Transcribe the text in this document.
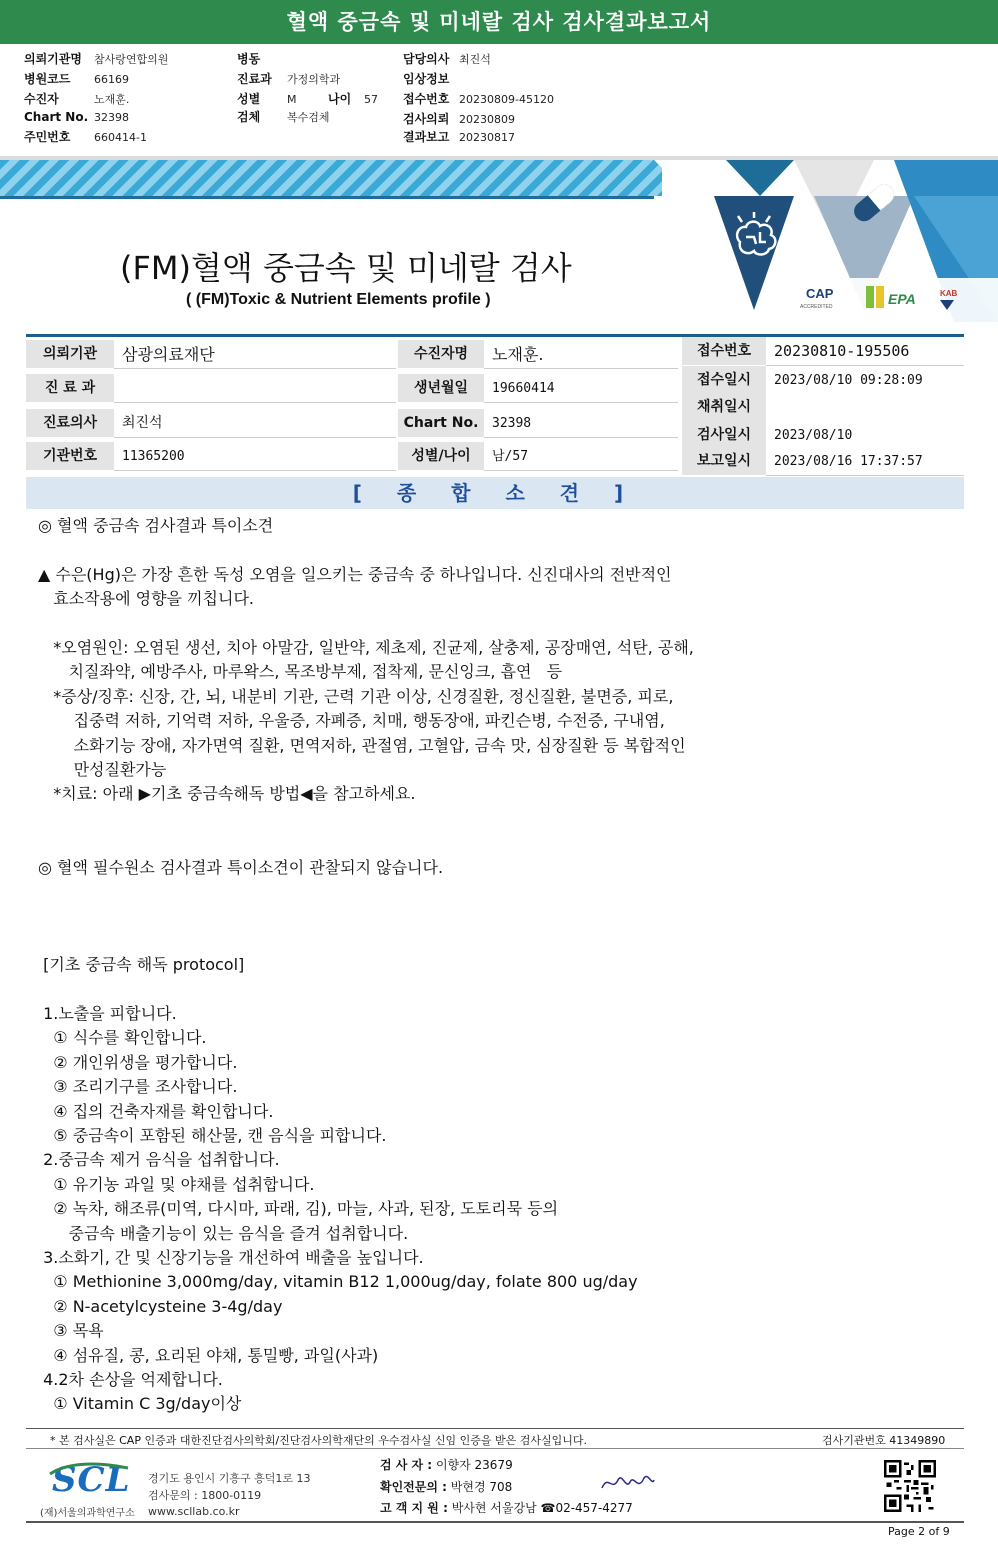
혈액 중금속 및 미네랄 검사 검사결과보고서
의뢰기관명 참사랑연합의원
병원코드 66169
수진자	노재훈.
Chart No. 32398
주민번호 660414-1
병동
진료과 가정의학과
성별 M	나이 57
검체 복수검체
담당의사 최진석
임상정보
접수번호 20230809-45120
검사의뢰 20230809
결과보고 20230817
CAP
ACCREDITED	EPA	KAB
(FM)혈액 중금속 및 미네랄 검사
( (FM)Toxic & Nutrient Elements profile )
의뢰기관	삼광의료재단
진 료 과
진료의사	최진석
기관번호	11365200
수진자명	노재훈.
생년월일	19660414
Chart No.	32398
성별/나이	남/57
접수번호	20230810-195506
접수일시	2023/08/10 09:28:09
채취일시
검사일시	2023/08/10
보고일시	2023/08/16 17:37:57
[ 종 합 소 견 ]
◎ 혈액 중금속 검사결과 특이소견
▲ 수은(Hg)은 가장 흔한 독성 오염을 일으키는 중금속 중 하나입니다. 신진대사의 전반적인
효소작용에 영향을 끼칩니다.
*오염원인: 오염된 생선, 치아 아말감, 일반약, 제초제, 진균제, 살충제, 공장매연, 석탄, 공해,
치질좌약, 예방주사, 마루왁스, 목조방부제, 접착제, 문신잉크, 흡연   등
*증상/징후: 신장, 간, 뇌, 내분비 기관, 근력 기관 이상, 신경질환, 정신질환, 불면증, 피로,
집중력 저하, 기억력 저하, 우울증, 자폐증, 치매, 행동장애, 파킨슨병, 수전증, 구내염,
소화기능 장애, 자가면역 질환, 면역저하, 관절염, 고혈압, 금속 맛, 심장질환 등 복합적인
만성질환가능
*치료: 아래 ▶기초 중금속해독 방법◀을 참고하세요.
◎ 혈액 필수원소 검사결과 특이소견이 관찰되지 않습니다.
[기초 중금속 해독 protocol]
1.노출을 피합니다.
① 식수를 확인합니다.
② 개인위생을 평가합니다.
③ 조리기구를 조사합니다.
④ 집의 건축자재를 확인합니다.
⑤ 중금속이 포함된 해산물, 캔 음식을 피합니다.
2.중금속 제거 음식을 섭취합니다.
① 유기농 과일 및 야채를 섭취합니다.
② 녹차, 해조류(미역, 다시마, 파래, 김), 마늘, 사과, 된장, 도토리묵 등의
중금속 배출기능이 있는 음식을 즐겨 섭취합니다.
3.소화기, 간 및 신장기능을 개선하여 배출을 높입니다.
① Methionine 3,000mg/day, vitamin B12 1,000ug/day, folate 800 ug/day
② N-acetylcysteine 3-4g/day
③ 목욕
④ 섬유질, 콩, 요리된 야채, 통밀빵, 과일(사과)
4.2차 손상을 억제합니다.
① Vitamin C 3g/day이상
* 본 검사실은 CAP 인증과 대한진단검사의학회/진단검사의학재단의 우수검사실 신임 인증을 받은 검사실입니다.	검사기관번호 41349890
SCL
(재)서울의과학연구소
경기도 용인시 기흥구 흥덕1로 13
검사문의 : 1800-0119
www.scllab.co.kr
검 사 자 : 이향자 23679
확인전문의 : 박현경 708
고 객 지 원 : 박사현 서울강남 ☎02-457-4277
Page 2 of 9
